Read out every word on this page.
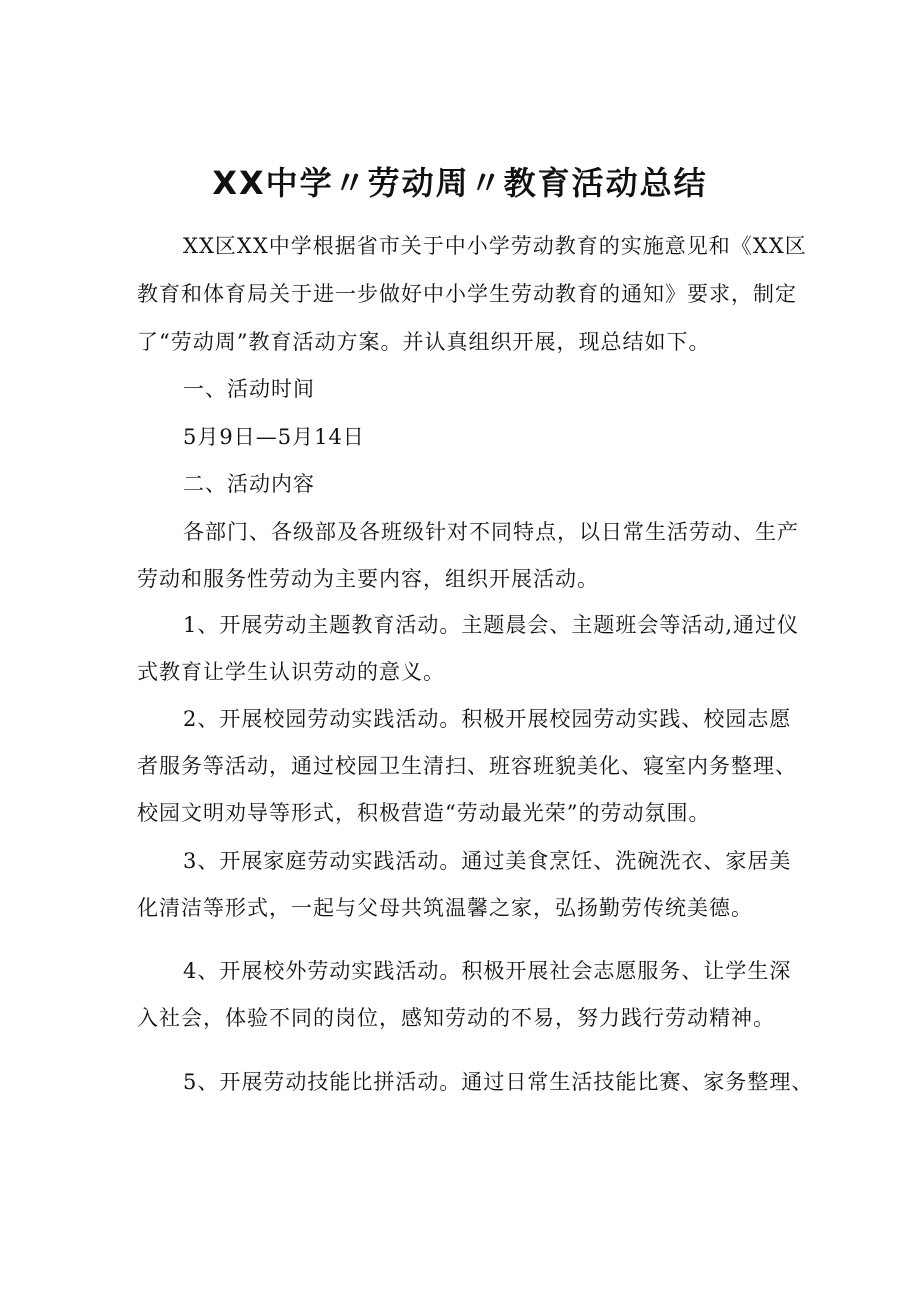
XX中学〃劳动周〃教育活动总结
XX区XX中学根据省市关于中小学劳动教育的实施意见和《XX区
教育和体育局关于进一步做好中小学生劳动教育的通知》要求，制定
了“劳动周”教育活动方案。并认真组织开展，现总结如下。
一、活动时间
5月9日—5月14日
二、活动内容
各部门、各级部及各班级针对不同特点，以日常生活劳动、生产
劳动和服务性劳动为主要内容，组织开展活动。
1、开展劳动主题教育活动。主题晨会、主题班会等活动,通过仪
式教育让学生认识劳动的意义。
2、开展校园劳动实践活动。积极开展校园劳动实践、校园志愿
者服务等活动，通过校园卫生清扫、班容班貌美化、寝室内务整理、
校园文明劝导等形式，积极营造“劳动最光荣”的劳动氛围。
3、开展家庭劳动实践活动。通过美食烹饪、洗碗洗衣、家居美
化清洁等形式，一起与父母共筑温馨之家，弘扬勤劳传统美德。
4、开展校外劳动实践活动。积极开展社会志愿服务、让学生深
入社会，体验不同的岗位，感知劳动的不易，努力践行劳动精神。
5、开展劳动技能比拼活动。通过日常生活技能比赛、家务整理、
